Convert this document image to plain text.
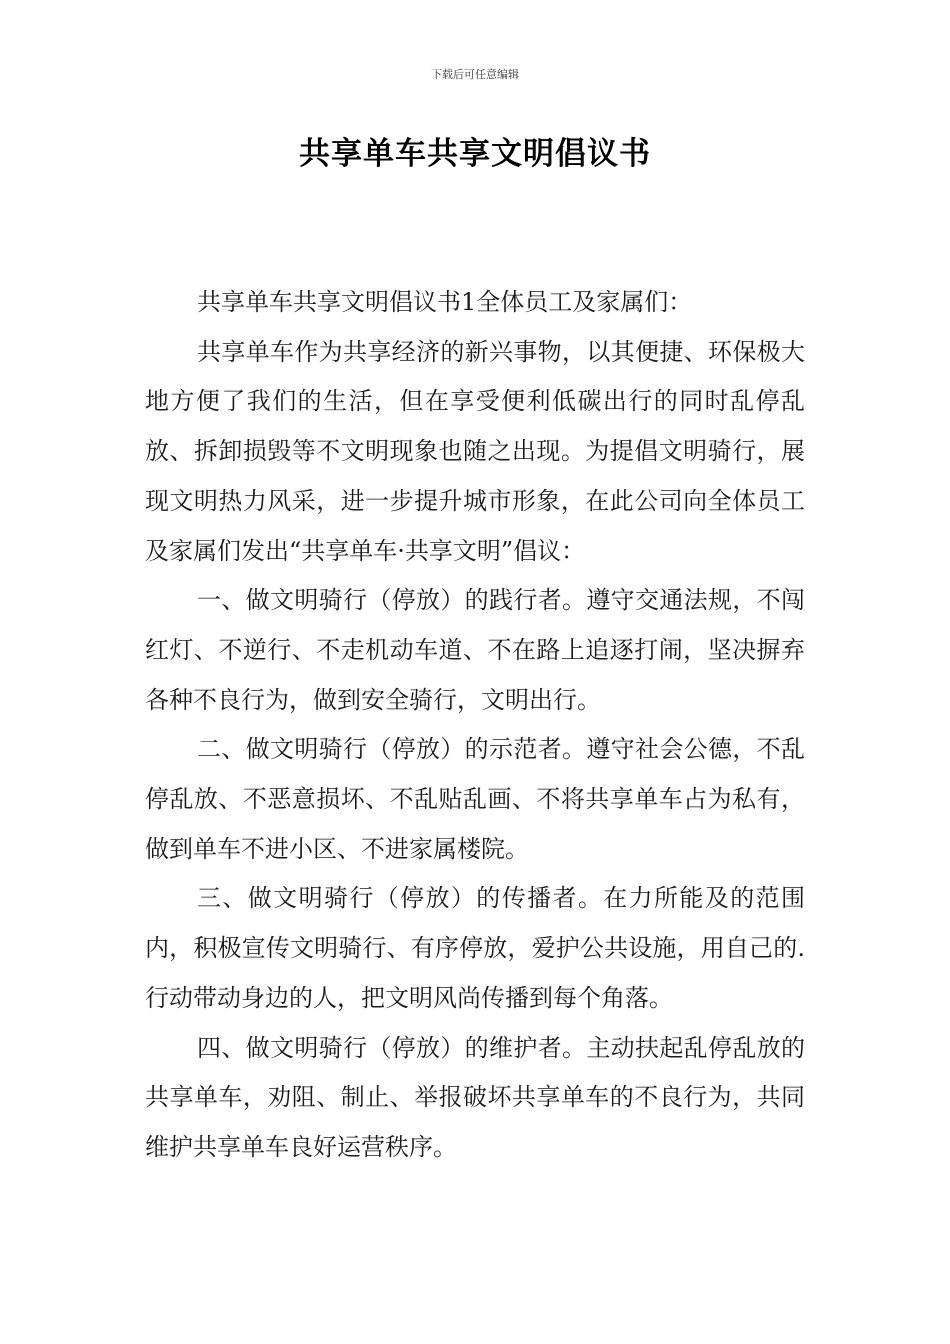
下载后可任意编辑
共享单车共享文明倡议书

共享单车共享文明倡议书1全体员工及家属们：

共享单车作为共享经济的新兴事物，以其便捷、环保极大地方便了我们的生活，但在享受便利低碳出行的同时乱停乱放、拆卸损毁等不文明现象也随之出现。为提倡文明骑行，展现文明热力风采，进一步提升城市形象，在此公司向全体员工及家属们发出“共享单车·共享文明”倡议：

一、做文明骑行（停放）的践行者。遵守交通法规，不闯红灯、不逆行、不走机动车道、不在路上追逐打闹，坚决摒弃各种不良行为，做到安全骑行，文明出行。

二、做文明骑行（停放）的示范者。遵守社会公德，不乱停乱放、不恶意损坏、不乱贴乱画、不将共享单车占为私有，做到单车不进小区、不进家属楼院。

三、做文明骑行（停放）的传播者。在力所能及的范围内，积极宣传文明骑行、有序停放，爱护公共设施，用自己的.行动带动身边的人，把文明风尚传播到每个角落。

四、做文明骑行（停放）的维护者。主动扶起乱停乱放的共享单车，劝阻、制止、举报破坏共享单车的不良行为，共同维护共享单车良好运营秩序。
